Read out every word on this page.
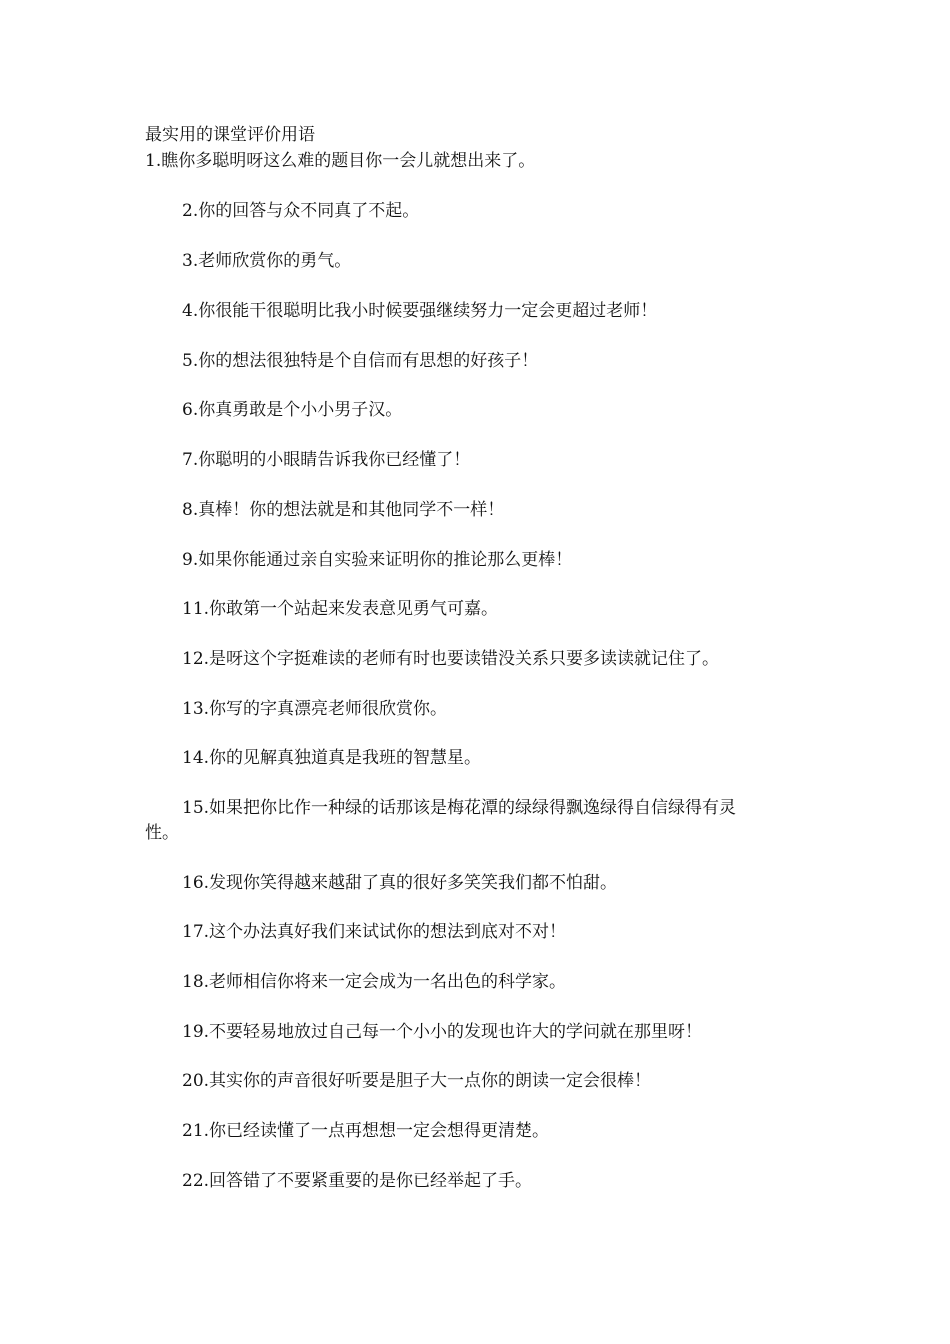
最实用的课堂评价用语
1.瞧你多聪明呀这么难的题目你一会儿就想出来了。
2.你的回答与众不同真了不起。
3.老师欣赏你的勇气。
4.你很能干很聪明比我小时候要强继续努力一定会更超过老师！
5.你的想法很独特是个自信而有思想的好孩子！
6.你真勇敢是个小小男子汉。
7.你聪明的小眼睛告诉我你已经懂了！
8.真棒！你的想法就是和其他同学不一样！
9.如果你能通过亲自实验来证明你的推论那么更棒！
11.你敢第一个站起来发表意见勇气可嘉。
12.是呀这个字挺难读的老师有时也要读错没关系只要多读读就记住了。
13.你写的字真漂亮老师很欣赏你。
14.你的见解真独道真是我班的智慧星。
15.如果把你比作一种绿的话那该是梅花潭的绿绿得飘逸绿得自信绿得有灵
性。
16.发现你笑得越来越甜了真的很好多笑笑我们都不怕甜。
17.这个办法真好我们来试试你的想法到底对不对！
18.老师相信你将来一定会成为一名出色的科学家。
19.不要轻易地放过自己每一个小小的发现也许大的学问就在那里呀！
20.其实你的声音很好听要是胆子大一点你的朗读一定会很棒！
21.你已经读懂了一点再想想一定会想得更清楚。
22.回答错了不要紧重要的是你已经举起了手。
